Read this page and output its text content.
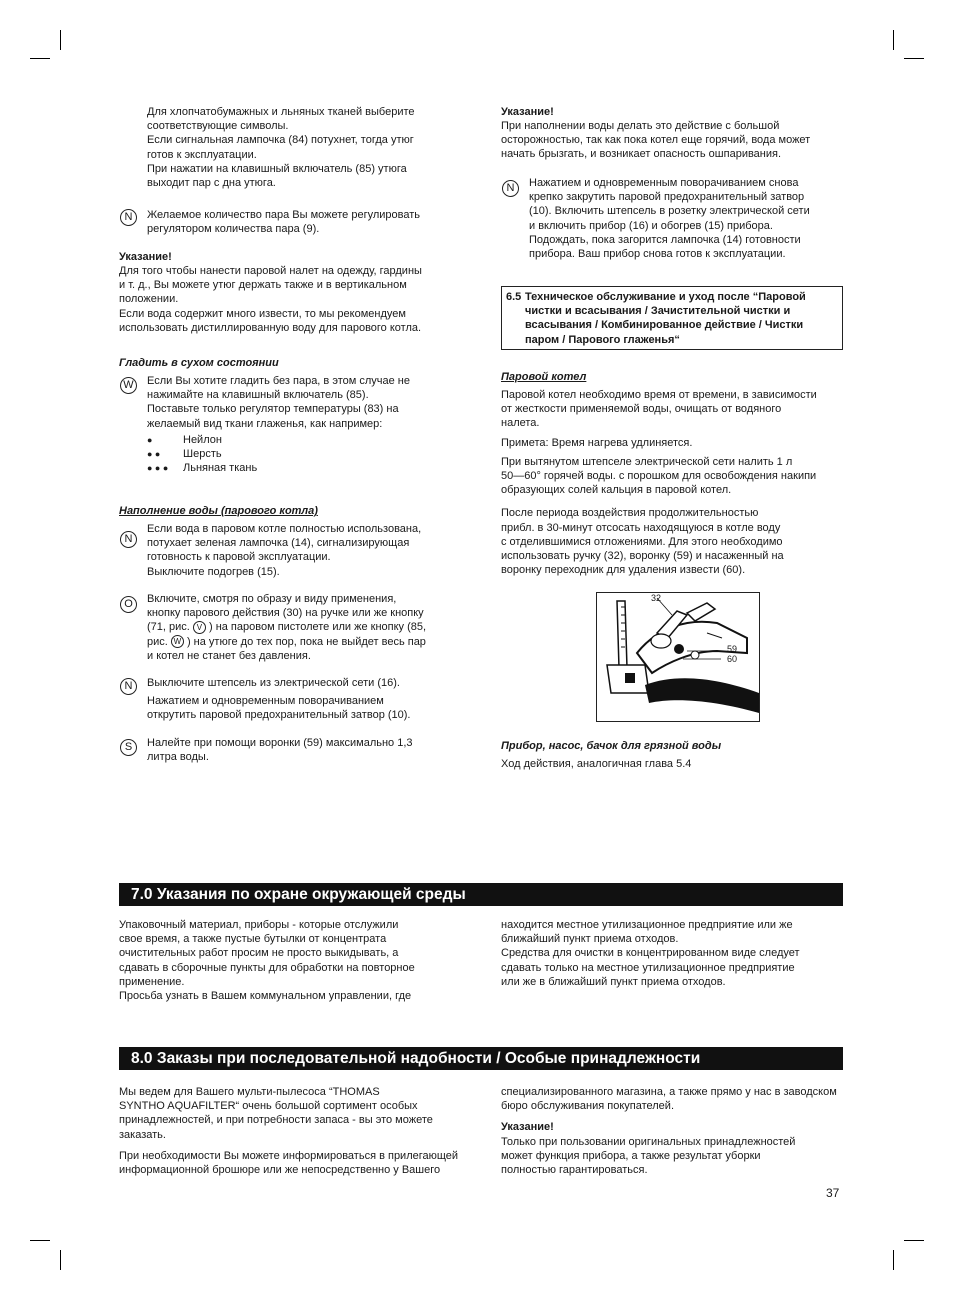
Для хлопчатобумажных и льняных тканей выберите

соответствующие символы.

Если сигнальная лампочка (84) потухнет, тогда утюг

готов к эксплуатации.

При нажатии на клавишный включатель (85) утюга

выходит пар с дна утюга.

N	Желаемое количество пара Вы можете регулировать

регулятором количества пара (9).

Указание!

Для того чтобы нанести паровой налет на одежду, гардины

и т. д., Вы можете утюг держать также и в вертикальном

положении.

Если вода содержит много извести, то мы рекомендуем

использовать дистиллированную воду для парового котла.

Гладить в сухом состоянии
W	Если Вы хотите гладить без пара, в этом случае не

нажимайте на клавишный включатель (85).

Поставьте только регулятор температуры (83) на

желаемый вид ткани глаженья, как например:

●	Нейлон
● ●	Шерсть
● ● ●	Льняная ткань
Наполнение воды (парового котла)
N

Если вода в паровом котле полностью использована,

потухает зеленая лампочка (14), сигнализирующая

готовность к паровой эксплуатации.

Выключите подогрев (15).

O	Включите, смотря по образу и виду применения,

кнопку парового действия (30) на ручке или же кнопку

(71, рис. V ) на паровом пистолете или же кнопку (85,

рис. W ) на утюге до тех пор, пока не выйдет весь пар

и котел не станет без давления.

N	Выключите штепсель из электрической сети (16).

Нажатием и одновременным поворачиванием

открутить паровой предохранительный затвор (10).

S	Налейте при помощи воронки (59) максимально 1,3

литра воды.

Указание!

При наполнении воды делать это действие с большой

осторожностью, так как пока котел еще горячий, вода может

начать брызгать, и возникает опасность ошпаривания.

N	Нажатием и одновременным поворачиванием снова

крепко закрутить паровой предохранительный затвор

(10). Включить штепсель в розетку электрической сети

и включить прибор (16) и обогрев (15) прибора.

Подождать, пока загорится лампочка (14) готовности

прибора. Ваш прибор снова готов к эксплуатации.

6.5 Техническое обслуживание и уход после “Паровой

чистки и всасывания / Зачистительной чистки и

всасывания / Комбинированное действие / Чистки

паром / Парового глаженья“

Паровой котел

Паровой котел необходимо время от времени, в зависимости

от жесткости применяемой воды, очищать от водяного

налета.

Примета: Время нагрева удлиняется.

При вытянутом штепселе электрической сети налить 1 л

50—60° горячей воды. с порошком для освобождения накипи

образующих солей кальция в паровой котел.

После периода воздействия продолжительностью

прибл. в 30-минут отсосать находящуюся в котле воду

с отделившимися отложениями. Для этого необходимо

использовать ручку (32), воронку (59) и насаженный на

воронку переходник для удаления извести (60).

32
59
60
Прибор, насос, бачок для грязной воды
Ход действия, аналогичная глава 5.4
7.0 Указания по охране окружающей среды

Упаковочный материал, приборы - которые отслужили

свое время, а также пустые бутылки от концентрата

очистительных работ просим не просто выкидывать, а

сдавать в сборочные пункты для обработки на повторное

применение.

Просьба узнать в Вашем коммунальном управлении, где

находится местное утилизационное предприятие или же

ближайший пункт приема отходов.

Средства для очистки в концентрированном виде следует

сдавать только на местное утилизационное предприятие

или же в ближайший пункт приема отходов.

8.0 Заказы при последовательной надобности / Особые принадлежности

Мы ведем для Вашего мульти-пылесоса “THOMAS

SYNTHO AQUAFILTER“ очень большой сортимент особых

принадлежностей, и при потребности запаса - вы это можете

заказать.

При необходимости Вы можете информироваться в прилегающей

информационной брошюре или же непосредственно у Вашего

специализированного магазина, а также прямо у нас в заводском

бюро обслуживания покупателей.

Указание!

Только при пользовании оригинальных принадлежностей

может функция прибора, а также результат уборки

полностью гарантироваться.

37
